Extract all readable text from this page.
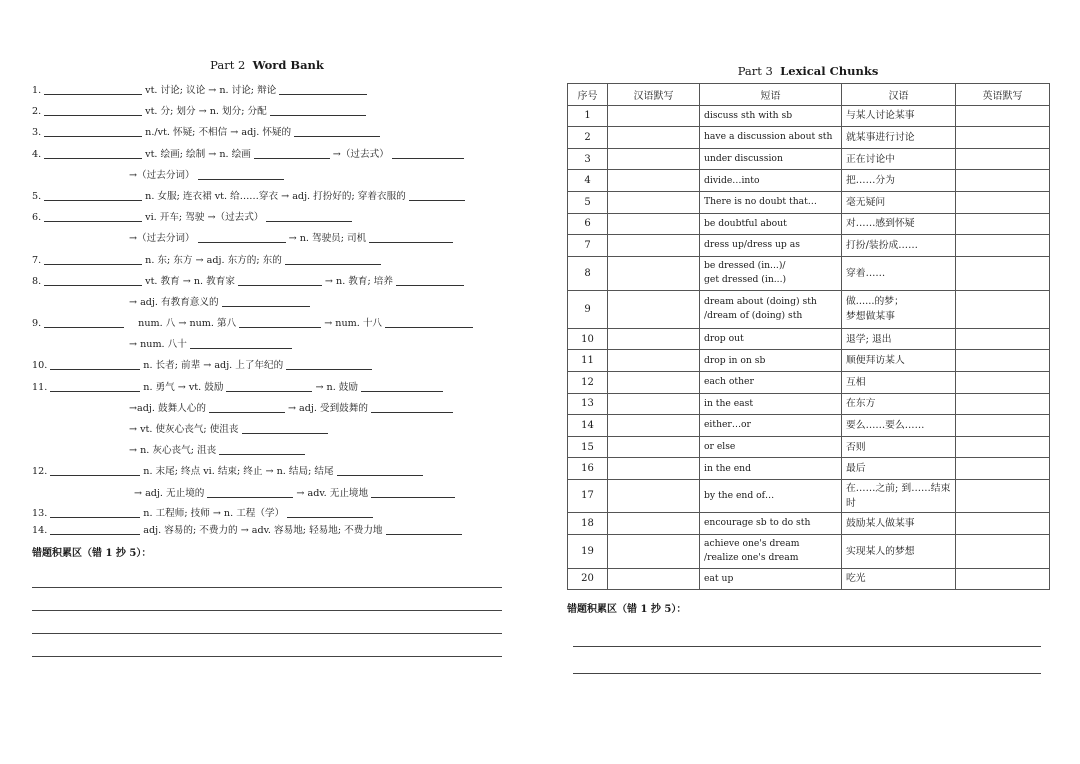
Part 2 Word Bank
1.	vt. 讨论; 议论 → n. 讨论; 辩论
2.	vt. 分; 划分 → n. 划分; 分配
3.	n./vt. 怀疑; 不相信 → adj. 怀疑的
4.	vt. 绘画; 绘制 → n. 绘画	→（过去式）
→（过去分词）
5.	n. 女服; 连衣裙 vt. 给……穿衣 → adj. 打扮好的; 穿着衣服的
6.	vi. 开车; 驾驶 →（过去式）
→（过去分词）	→ n. 驾驶员; 司机
7.	n. 东; 东方 → adj. 东方的; 东的
8.	vt. 教育 → n. 教育家	→ n. 教育; 培养
→ adj. 有教育意义的
9.	num. 八 → num. 第八	→ num. 十八
→ num. 八十
10.	n. 长者; 前辈 → adj. 上了年纪的
11.	n. 勇气 → vt. 鼓励	→ n. 鼓励
→adj. 鼓舞人心的	→ adj. 受到鼓舞的
→ vt. 使灰心丧气; 使沮丧
→ n. 灰心丧气; 沮丧
12.	n. 末尾; 终点 vi. 结束; 终止 → n. 结局; 结尾
→ adj. 无止境的	→ adv. 无止境地
13.	n. 工程师; 技师 → n. 工程（学）
14.	adj. 容易的; 不费力的 → adv. 容易地; 轻易地; 不费力地
错题积累区（错 1 抄 5）：
Part 3 Lexical Chunks
序号	汉语默写	短语	汉语	英语默写
1		discuss sth with sb	与某人讨论某事	
2		have a discussion about sth	就某事进行讨论	
3		under discussion	正在讨论中	
4		divide…into	把……分为	
5		There is no doubt that…	毫无疑问	
6		be doubtful about	对……感到怀疑	
7		dress up/dress up as	打扮/装扮成……	
8		be dressed (in...)/
get dressed (in...)	穿着……	
9		dream about (doing) sth
/dream of (doing) sth	做......的梦；
梦想做某事	
10		drop out	退学; 退出	
11		drop in on sb	顺便拜访某人	
12		each other	互相	
13		in the east	在东方	
14		either…or	要么……要么……	
15		or else	否则	
16		in the end	最后	
17		by the end of…	在……之前; 到……结束时	
18		encourage sb to do sth	鼓励某人做某事	
19		achieve one's dream
/realize one's dream	实现某人的梦想	
20		eat up	吃光	
错题积累区（错 1 抄 5）：
